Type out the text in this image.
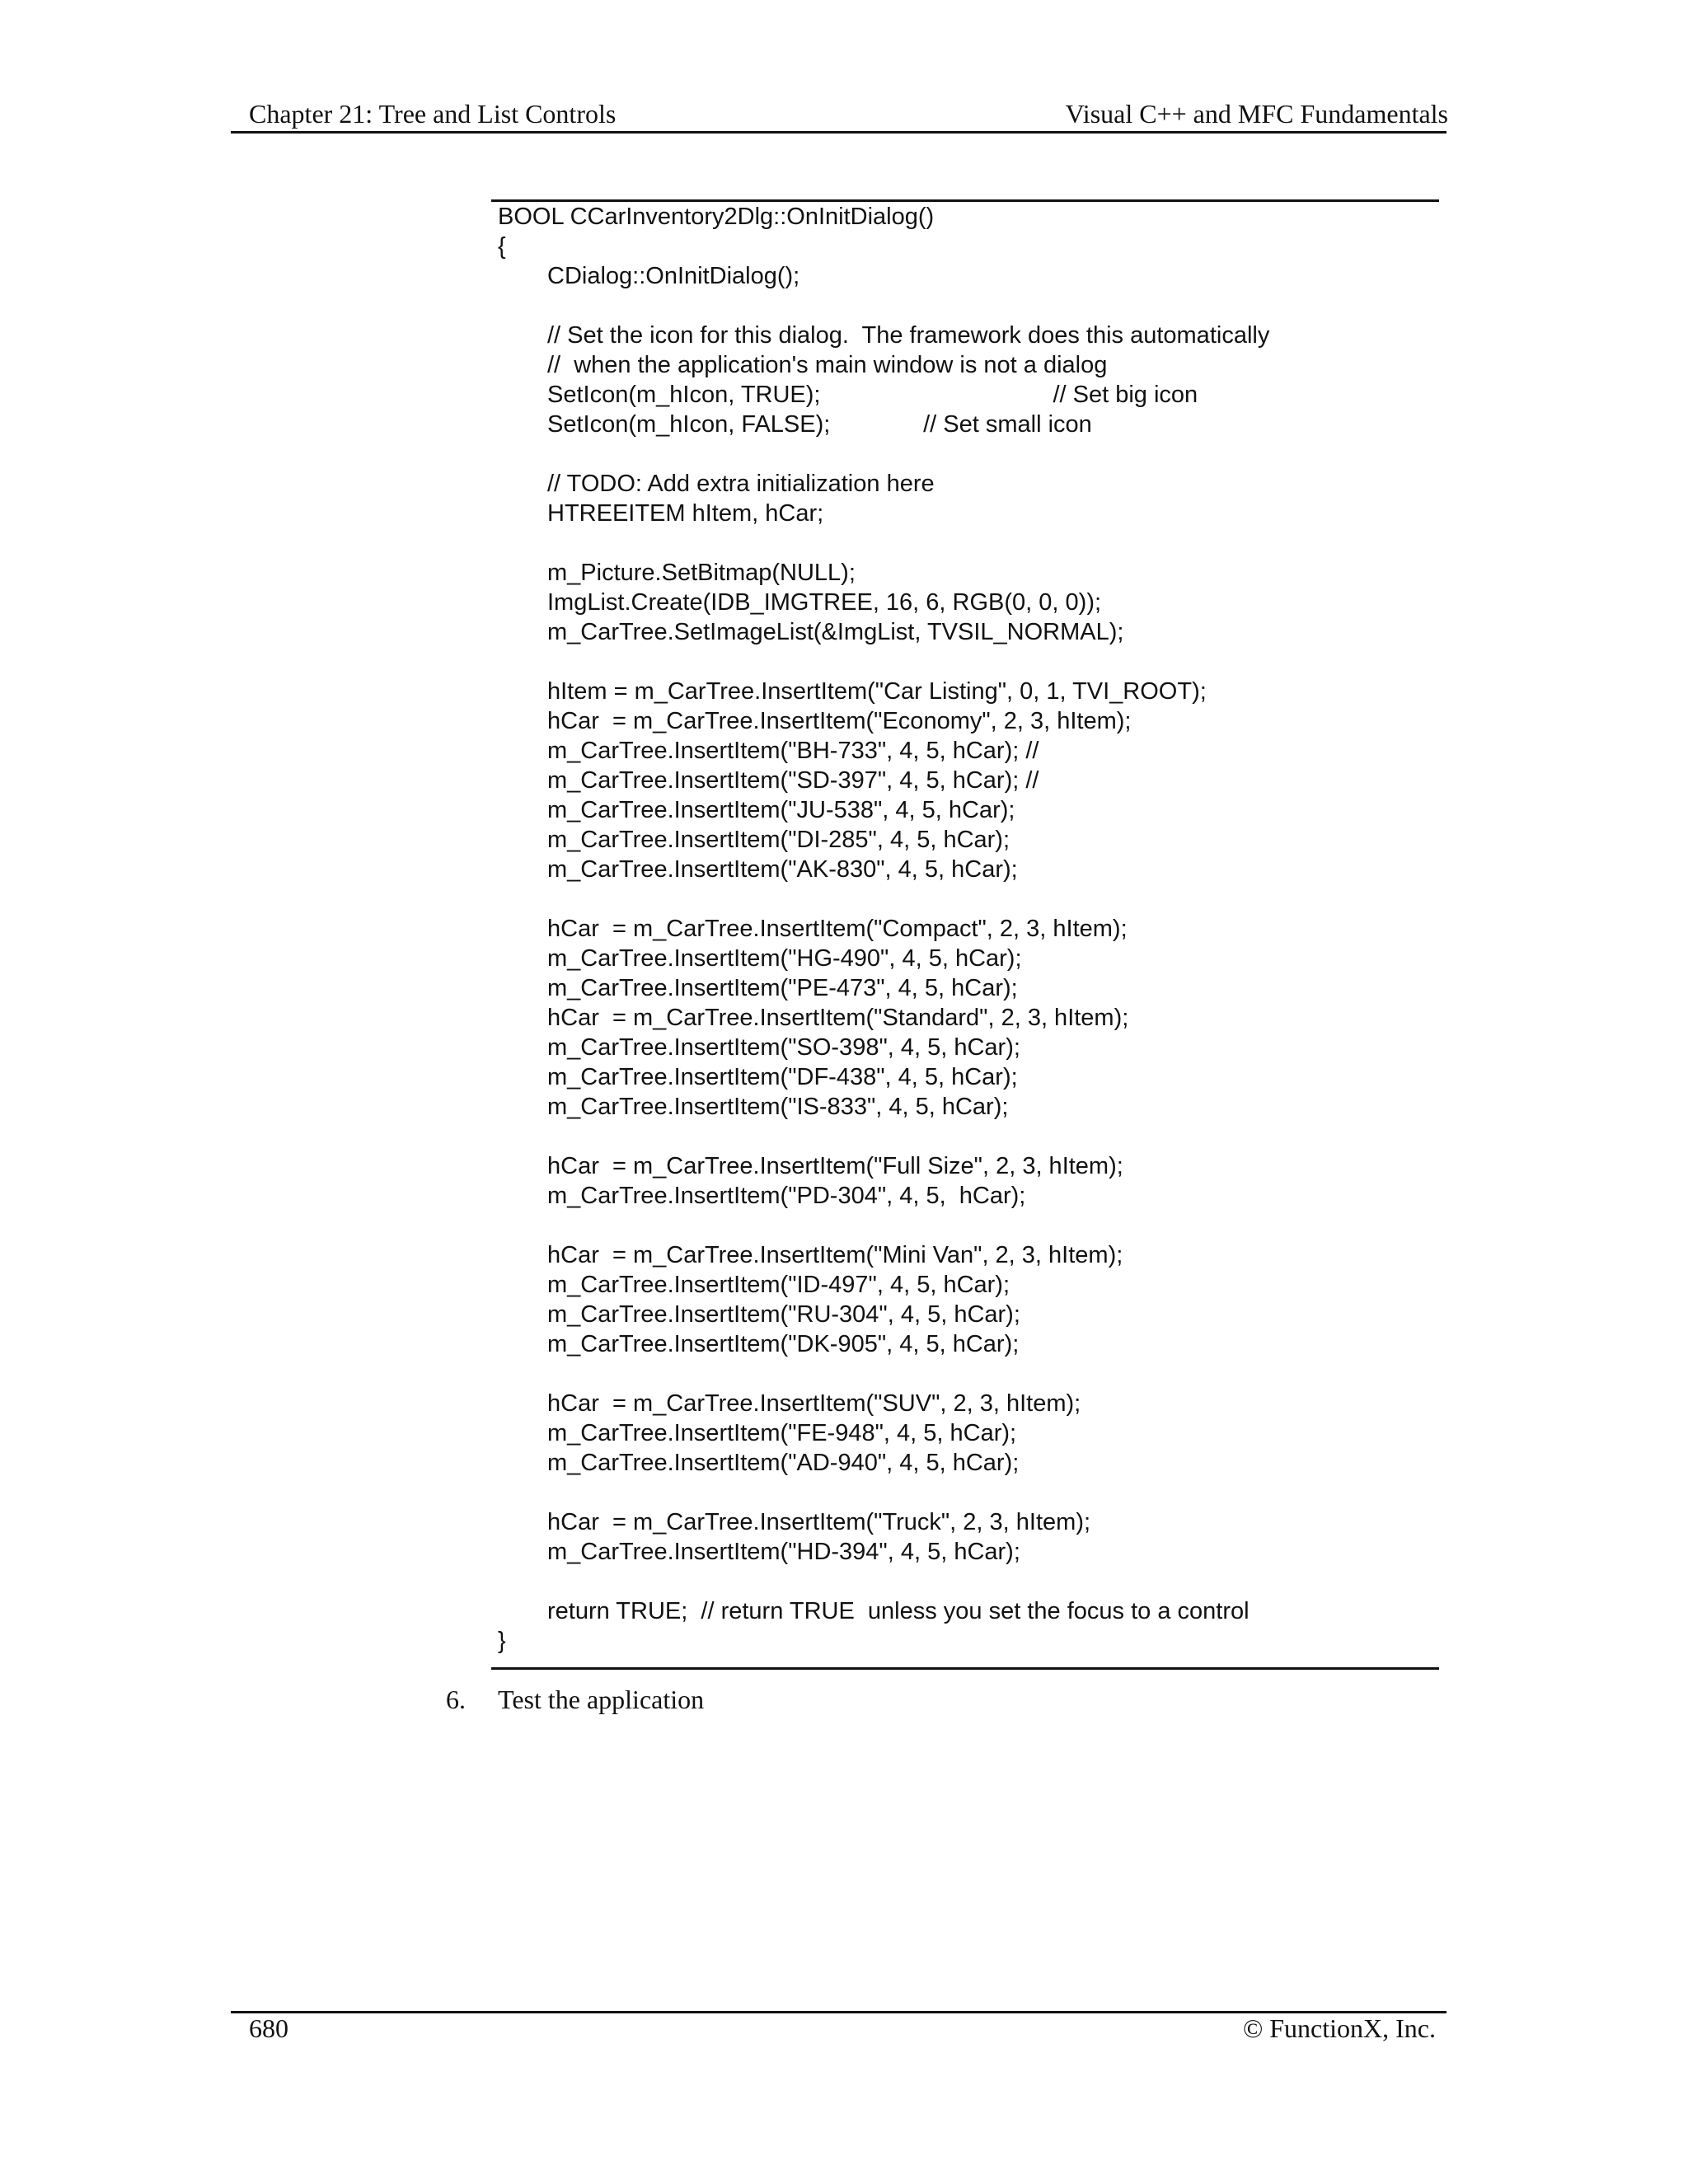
Chapter 21: Tree and List Controls	Visual C++ and MFC Fundamentals
BOOL CCarInventory2Dlg::OnInitDialog()
{
CDialog::OnInitDialog();
// Set the icon for this dialog.  The framework does this automatically
//  when the application's main window is not a dialog
SetIcon(m_hIcon, TRUE);                                   // Set big icon
SetIcon(m_hIcon, FALSE);              // Set small icon
// TODO: Add extra initialization here
HTREEITEM hItem, hCar;
m_Picture.SetBitmap(NULL);
ImgList.Create(IDB_IMGTREE, 16, 6, RGB(0, 0, 0));
m_CarTree.SetImageList(&ImgList, TVSIL_NORMAL);
hItem = m_CarTree.InsertItem("Car Listing", 0, 1, TVI_ROOT);
hCar  = m_CarTree.InsertItem("Economy", 2, 3, hItem);
m_CarTree.InsertItem("BH-733", 4, 5, hCar); //
m_CarTree.InsertItem("SD-397", 4, 5, hCar); //
m_CarTree.InsertItem("JU-538", 4, 5, hCar);
m_CarTree.InsertItem("DI-285", 4, 5, hCar);
m_CarTree.InsertItem("AK-830", 4, 5, hCar);
hCar  = m_CarTree.InsertItem("Compact", 2, 3, hItem);
m_CarTree.InsertItem("HG-490", 4, 5, hCar);
m_CarTree.InsertItem("PE-473", 4, 5, hCar);
hCar  = m_CarTree.InsertItem("Standard", 2, 3, hItem);
m_CarTree.InsertItem("SO-398", 4, 5, hCar);
m_CarTree.InsertItem("DF-438", 4, 5, hCar);
m_CarTree.InsertItem("IS-833", 4, 5, hCar);
hCar  = m_CarTree.InsertItem("Full Size", 2, 3, hItem);
m_CarTree.InsertItem("PD-304", 4, 5,  hCar);
hCar  = m_CarTree.InsertItem("Mini Van", 2, 3, hItem);
m_CarTree.InsertItem("ID-497", 4, 5, hCar);
m_CarTree.InsertItem("RU-304", 4, 5, hCar);
m_CarTree.InsertItem("DK-905", 4, 5, hCar);
hCar  = m_CarTree.InsertItem("SUV", 2, 3, hItem);
m_CarTree.InsertItem("FE-948", 4, 5, hCar);
m_CarTree.InsertItem("AD-940", 4, 5, hCar);
hCar  = m_CarTree.InsertItem("Truck", 2, 3, hItem);
m_CarTree.InsertItem("HD-394", 4, 5, hCar);
return TRUE;  // return TRUE  unless you set the focus to a control
}
6. Test the application
680	© FunctionX, Inc.
